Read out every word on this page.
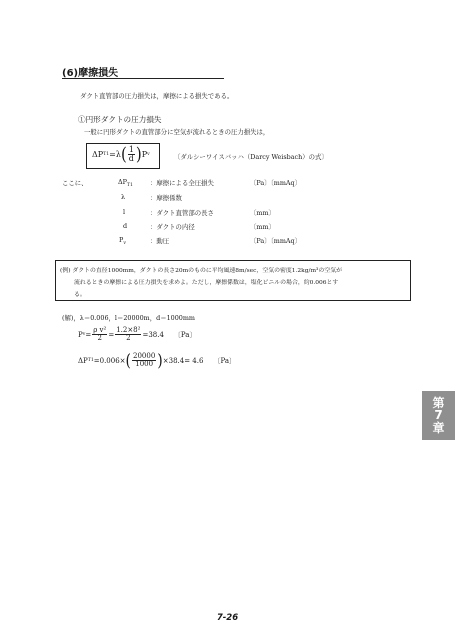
(6)摩擦損失
ダクト直管部の圧力損失は，摩擦による損失である。
①円形ダクトの圧力損失
一般に円形ダクトの直管部分に空気が流れるときの圧力損失は，
ΔP T1 =λ ( $\frac{1}{d}$ ) P v	〔ダルシーワイスバッハ（Darcy Weisbach）の式〕
ここに、	$\Delta P_{T1}$	：摩擦による全圧損失	〔Pa〕〔mmAq〕
λ	：摩擦係数
l	：ダクト直管部の長さ	〔mm〕
d	：ダクトの内径	〔mm〕
$P_v$	：動圧	〔Pa〕〔mmAq〕
(例) ダクトの直径1000mm，ダクトの長さ20mのものに平均風速8m/sec，空気の密度1.2kg/m³の空気が
流れるときの摩擦による圧力損失を求めよ。ただし，摩擦係数は，塩化ビニルの場合，約0.006とす
る。
(解)，λ＝0.006，l＝20000m，d＝1000mm
P $v = \frac{\text{ρ v²}}{2} = \frac{\text{1.2×8²}}{2} =38.4$ 〔Pa〕
ΔP T1 =0.006× ( $\frac{20000}{1000}$ ) ×38.4= 4.6 〔Pa〕
第
7
章
7-26
